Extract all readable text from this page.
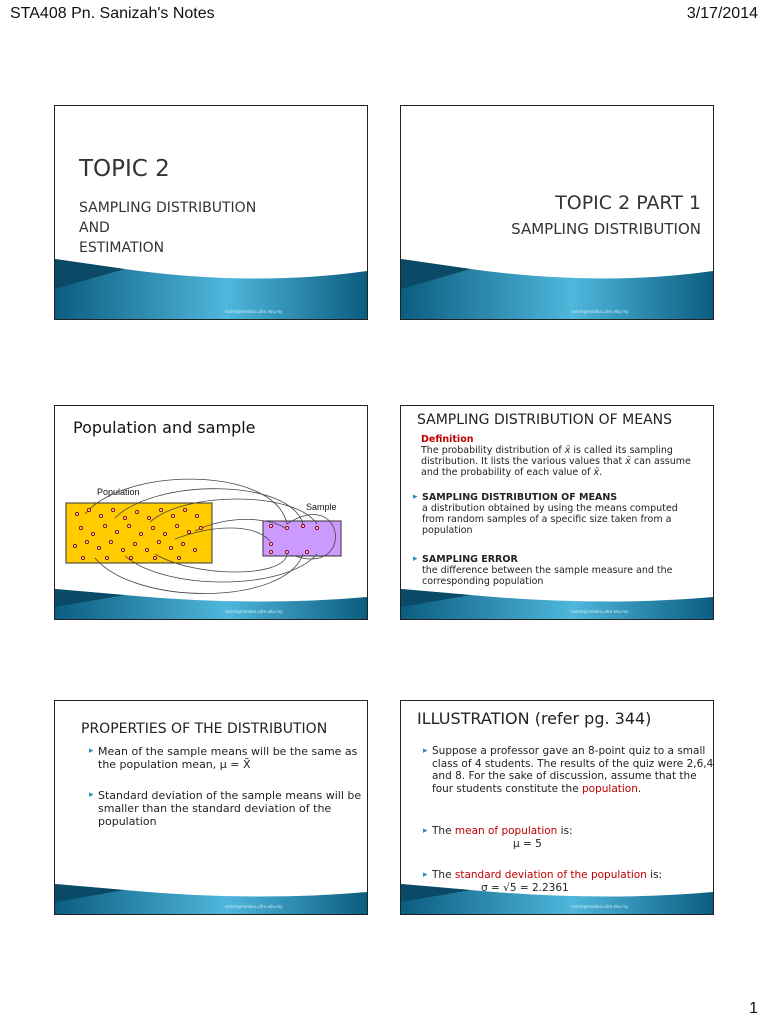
STA408 Pn. Sanizah's Notes	3/17/2014
TOPIC 2
SAMPLING DISTRIBUTION
AND
ESTIMATION
rosleh@melaka.uitm.edu.my
TOPIC 2 PART 1
SAMPLING DISTRIBUTION
rosleh@melaka.uitm.edu.my
Population and sample
Population
Sample
rosleh@melaka.uitm.edu.my
SAMPLING DISTRIBUTION OF MEANS
Definition
The probability distribution of x̄ is called its sampling distribution. It lists the various values that x̄ can assume and the probability of each value of x̄.
▸ SAMPLING DISTRIBUTION OF MEANS
a distribution obtained by using the means computed from random samples of a specific size taken from a population
▸ SAMPLING ERROR
the difference between the sample measure and the corresponding population
rosleh@melaka.uitm.edu.my
PROPERTIES OF THE DISTRIBUTION
▸ Mean of the sample means will be the same as the population mean, μ = X̄
▸ Standard deviation of the sample means will be smaller than the standard deviation of the population
rosleh@melaka.uitm.edu.my
ILLUSTRATION (refer pg. 344)
▸ Suppose a professor gave an 8-point quiz to a small class of 4 students. The results of the quiz were 2,6,4 and 8. For the sake of discussion, assume that the four students constitute the population.
▸ The mean of population is:
μ = 5
▸ The standard deviation of the population is:
σ = √5 = 2.2361
rosleh@melaka.uitm.edu.my
1
